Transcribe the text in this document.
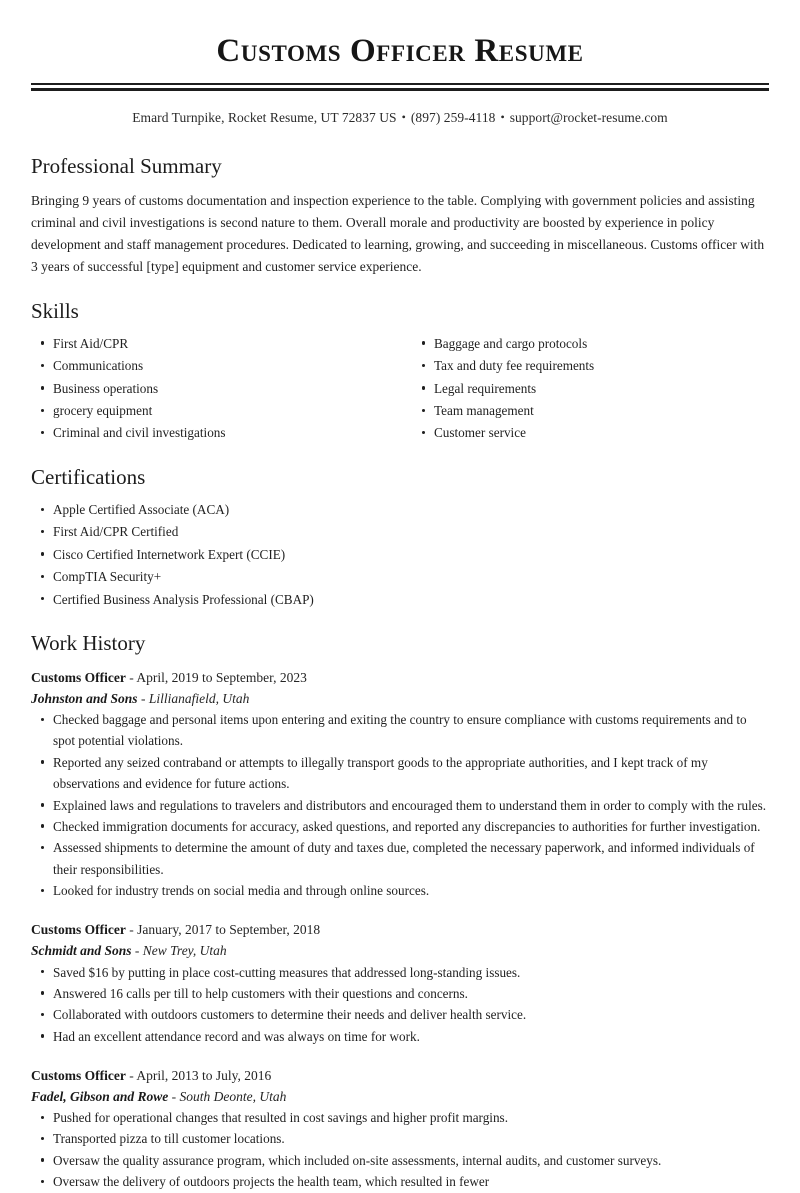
Customs Officer Resume
Emard Turnpike, Rocket Resume, UT 72837 US • (897) 259-4118 • support@rocket-resume.com
Professional Summary

Bringing 9 years of customs documentation and inspection experience to the table. Complying with government policies and assisting criminal and civil investigations is second nature to them. Overall morale and productivity are boosted by experience in policy development and staff management procedures. Dedicated to learning, growing, and succeeding in miscellaneous. Customs officer with 3 years of successful [type] equipment and customer service experience.

Skills
First Aid/CPR
Communications
Business operations
grocery equipment
Criminal and civil investigations
Baggage and cargo protocols
Tax and duty fee requirements
Legal requirements
Team management
Customer service
Certifications
Apple Certified Associate (ACA)
First Aid/CPR Certified
Cisco Certified Internetwork Expert (CCIE)
CompTIA Security+
Certified Business Analysis Professional (CBAP)
Work History
Customs Officer - April, 2019 to September, 2023
Johnston and Sons - Lillianafield, Utah
Checked baggage and personal items upon entering and exiting the country to ensure compliance with customs requirements and to spot potential violations.
Reported any seized contraband or attempts to illegally transport goods to the appropriate authorities, and I kept track of my observations and evidence for future actions.
Explained laws and regulations to travelers and distributors and encouraged them to understand them in order to comply with the rules.
Checked immigration documents for accuracy, asked questions, and reported any discrepancies to authorities for further investigation.
Assessed shipments to determine the amount of duty and taxes due, completed the necessary paperwork, and informed individuals of their responsibilities.
Looked for industry trends on social media and through online sources.
Customs Officer - January, 2017 to September, 2018
Schmidt and Sons - New Trey, Utah
Saved $16 by putting in place cost-cutting measures that addressed long-standing issues.
Answered 16 calls per till to help customers with their questions and concerns.
Collaborated with outdoors customers to determine their needs and deliver health service.
Had an excellent attendance record and was always on time for work.
Customs Officer - April, 2013 to July, 2016
Fadel, Gibson and Rowe - South Deonte, Utah
Pushed for operational changes that resulted in cost savings and higher profit margins.
Transported pizza to till customer locations.
Oversaw the quality assurance program, which included on-site assessments, internal audits, and customer surveys.
Oversaw the delivery of outdoors projects the health team, which resulted in fewer
